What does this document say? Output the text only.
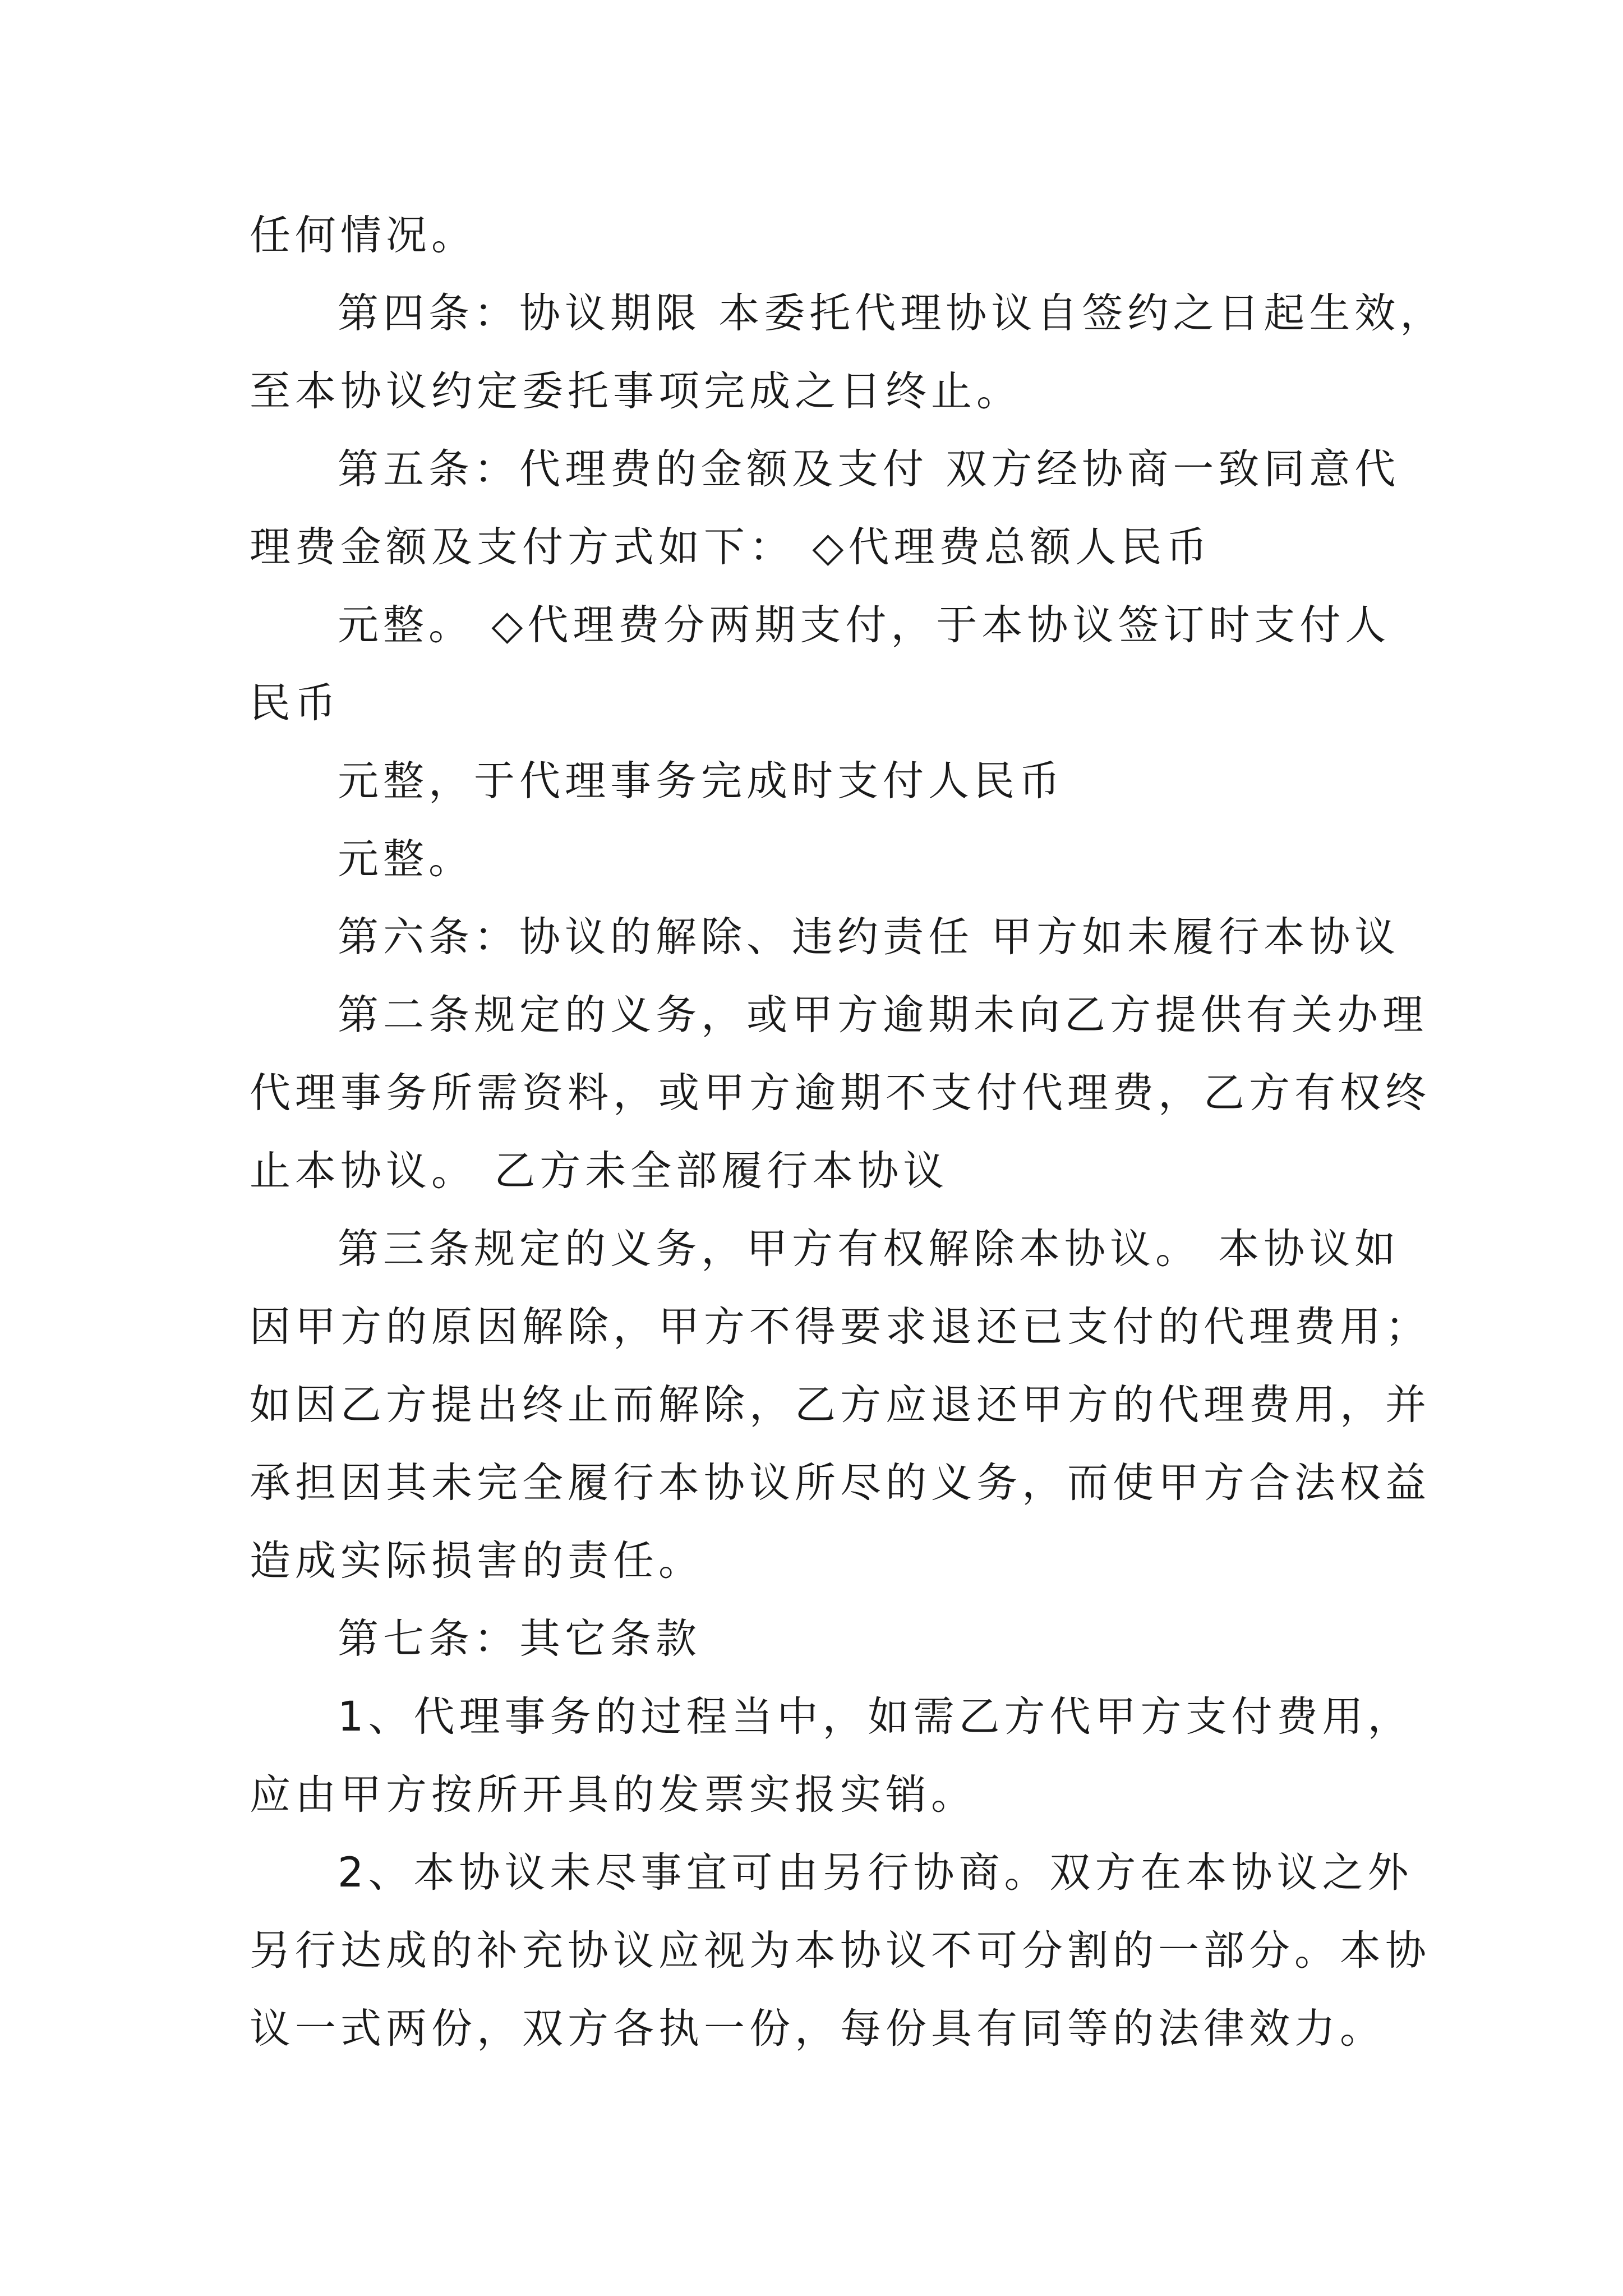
任何情况。
第四条：协议期限 本委托代理协议自签约之日起生效，
至本协议约定委托事项完成之日终止。
第五条：代理费的金额及支付 双方经协商一致同意代
理费金额及支付方式如下： ◇代理费总额人民币
元整。 ◇代理费分两期支付，于本协议签订时支付人
民币
元整，于代理事务完成时支付人民币
元整。
第六条：协议的解除、违约责任 甲方如未履行本协议
第二条规定的义务，或甲方逾期未向乙方提供有关办理
代理事务所需资料，或甲方逾期不支付代理费，乙方有权终
止本协议。 乙方未全部履行本协议
第三条规定的义务，甲方有权解除本协议。 本协议如
因甲方的原因解除，甲方不得要求退还已支付的代理费用；
如因乙方提出终止而解除，乙方应退还甲方的代理费用，并
承担因其未完全履行本协议所尽的义务，而使甲方合法权益
造成实际损害的责任。
第七条：其它条款
1、代理事务的过程当中，如需乙方代甲方支付费用，
应由甲方按所开具的发票实报实销。
2、本协议未尽事宜可由另行协商。双方在本协议之外
另行达成的补充协议应视为本协议不可分割的一部分。本协
议一式两份，双方各执一份，每份具有同等的法律效力。
